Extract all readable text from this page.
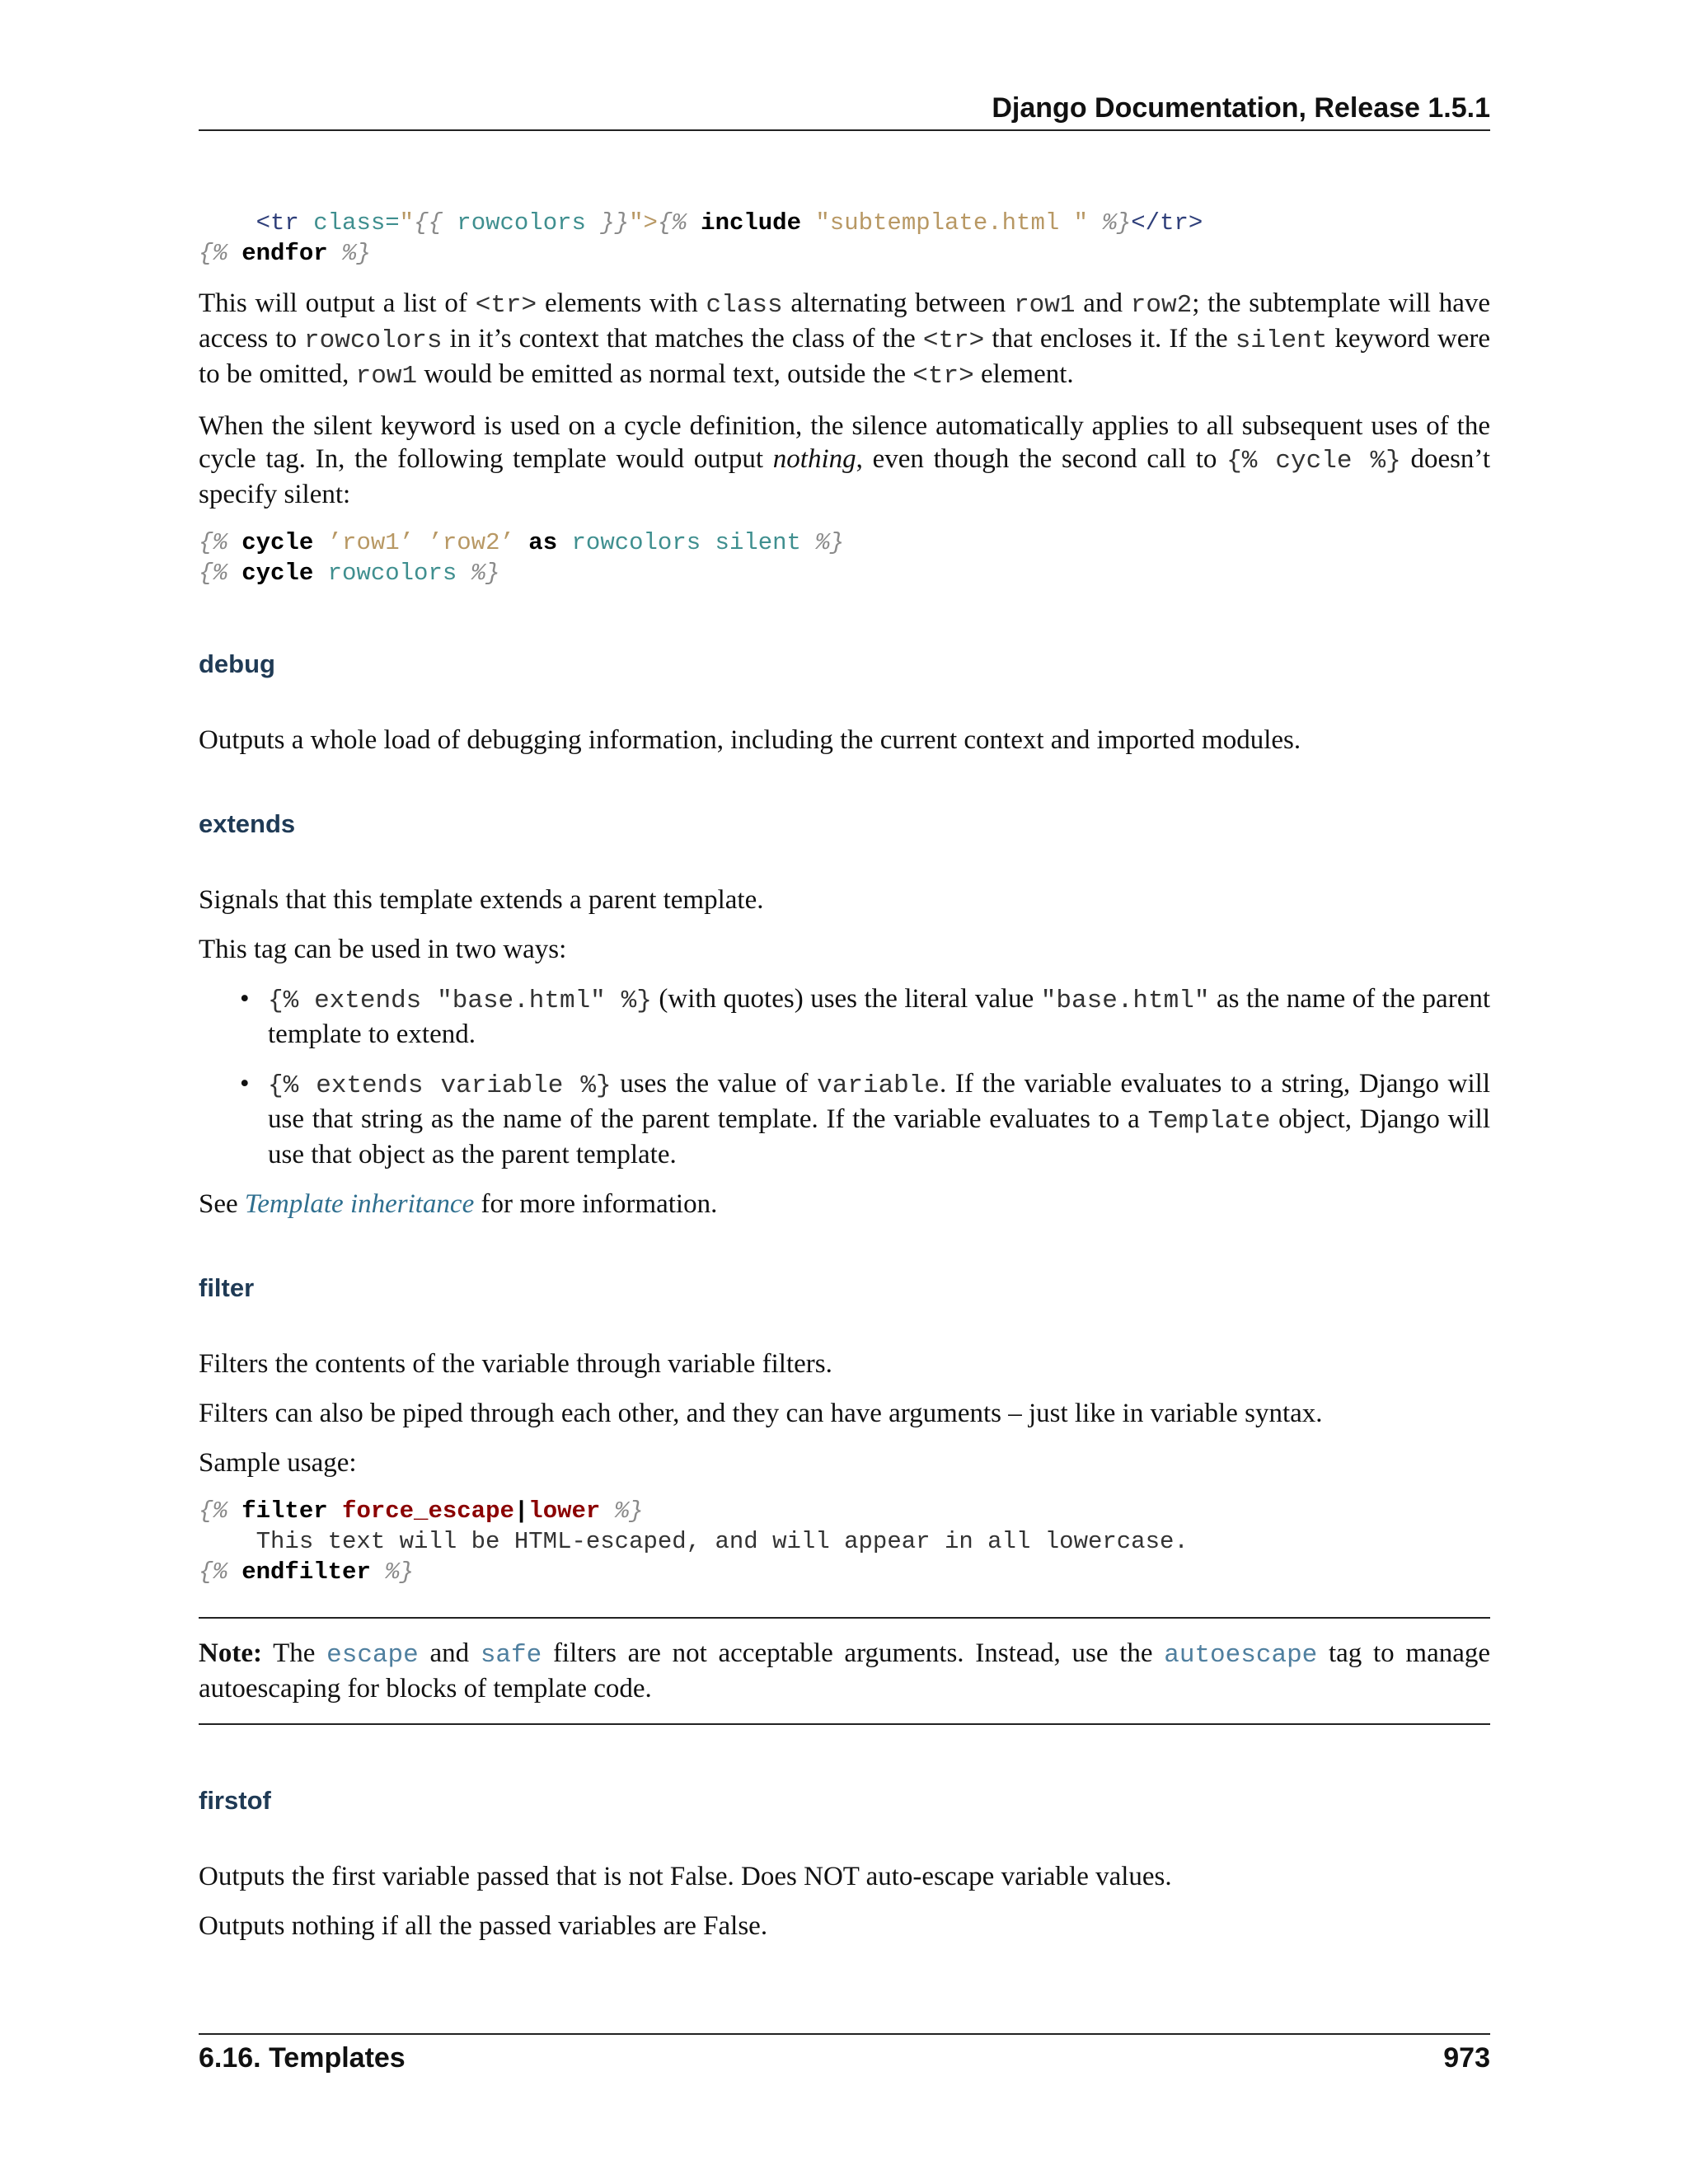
Django Documentation, Release 1.5.1
<tr class="{{ rowcolors }}">{% include "subtemplate.html " %}</tr>
{% endfor %}

This will output a list of <tr> elements with class alternating between row1 and row2; the subtemplate will have access to rowcolors in it’s context that matches the class of the <tr> that encloses it. If the silent keyword were to be omitted, row1 would be emitted as normal text, outside the <tr> element.

When the silent keyword is used on a cycle definition, the silence automatically applies to all subsequent uses of the cycle tag. In, the following template would output nothing, even though the second call to {% cycle %} doesn’t specify silent:

{% cycle ’row1’ ’row2’ as rowcolors silent %}
{% cycle rowcolors %}
debug

Outputs a whole load of debugging information, including the current context and imported modules.

extends

Signals that this template extends a parent template.

This tag can be used in two ways:

• {% extends "base.html" %} (with quotes) uses the literal value "base.html" as the name of the parent template to extend.
• {% extends variable %} uses the value of variable. If the variable evaluates to a string, Django will use that string as the name of the parent template. If the variable evaluates to a Template object, Django will use that object as the parent template.

See Template inheritance for more information.

filter

Filters the contents of the variable through variable filters.

Filters can also be piped through each other, and they can have arguments – just like in variable syntax.

Sample usage:

{% filter force_escape|lower %}
This text will be HTML-escaped, and will appear in all lowercase.
{% endfilter %}

Note: The escape and safe filters are not acceptable arguments. Instead, use the autoescape tag to manage autoescaping for blocks of template code.

firstof

Outputs the first variable passed that is not False. Does NOT auto-escape variable values.

Outputs nothing if all the passed variables are False.

6.16. Templates	973
